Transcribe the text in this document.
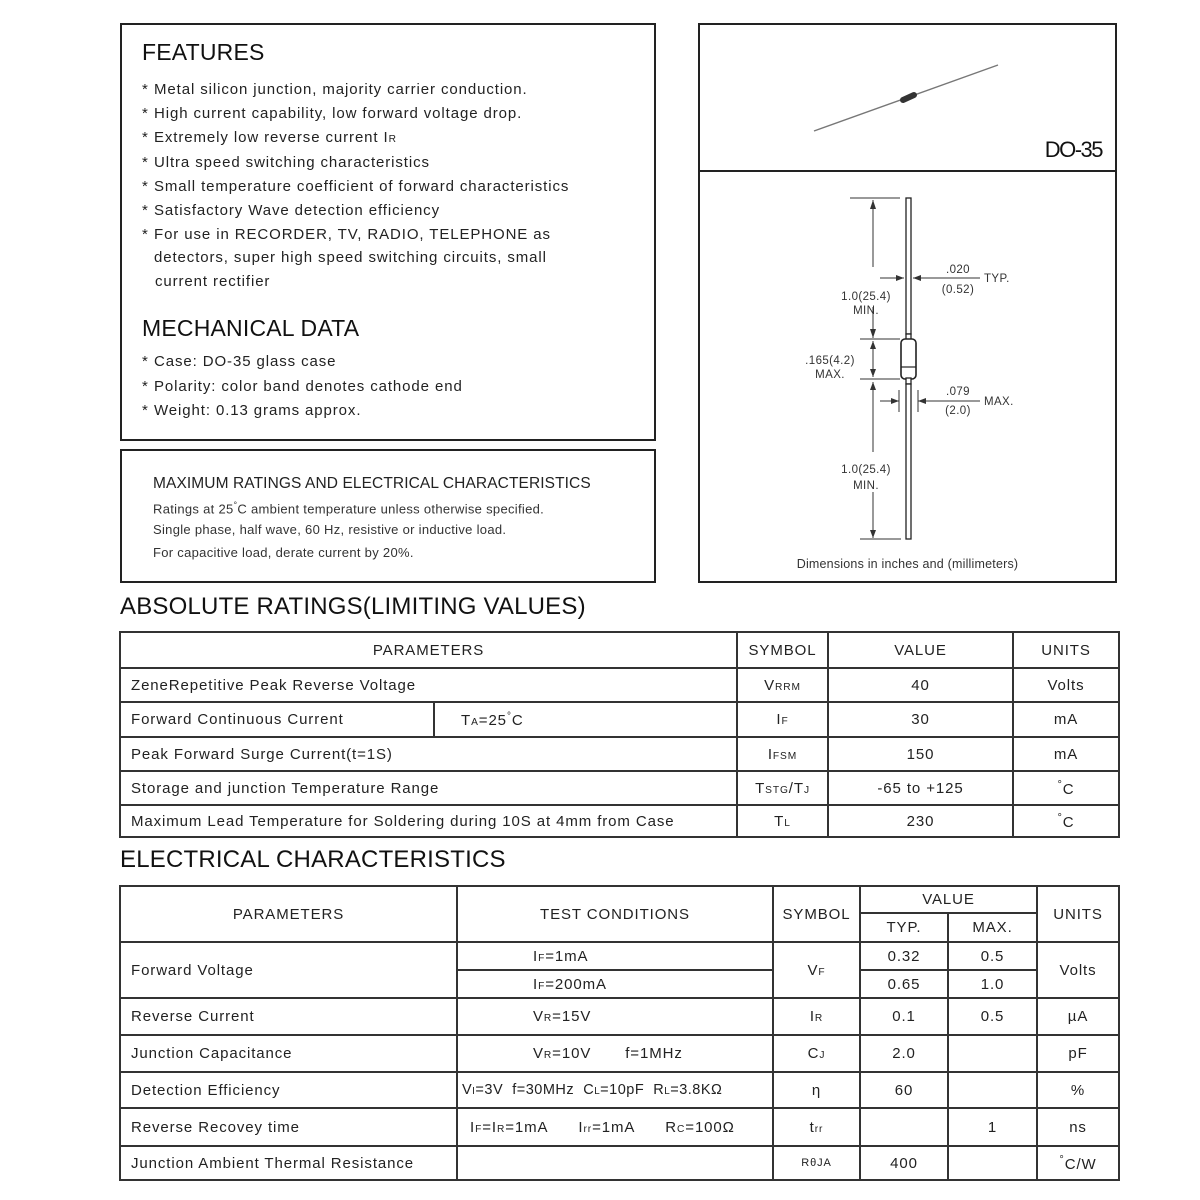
FEATURES
* Metal silicon junction, majority carrier conduction.
* High current capability, low forward voltage drop.
* Extremely low reverse current IR
* Ultra speed switching characteristics
* Small temperature coefficient of forward characteristics
* Satisfactory Wave detection efficiency
* For use in RECORDER, TV, RADIO, TELEPHONE as
detectors, super high speed switching circuits, small
current rectifier
MECHANICAL DATA
* Case: DO-35 glass case
* Polarity: color band denotes cathode end
* Weight: 0.13 grams approx.
MAXIMUM RATINGS AND ELECTRICAL CHARACTERISTICS
Ratings at 25°C ambient temperature unless otherwise specified.
Single phase, half wave, 60 Hz, resistive or inductive load.
For capacitive load, derate current by 20%.
DO-35
1.0(25.4)
MIN.
.020
(0.52)
TYP.
.165(4.2)
MAX.
.079
(2.0)
MAX.
1.0(25.4)
MIN.
Dimensions in inches and (millimeters)
ABSOLUTE RATINGS(LIMITING VALUES)
PARAMETERS		SYMBOL	VALUE	UNITS
ZeneRepetitive Peak Reverse Voltage		VRRM	40	Volts
Forward Continuous Current	TA=25°C	IF	30	mA
Peak Forward Surge Current(t=1S)		IFSM	150	mA
Storage and junction Temperature Range		TSTG/TJ	-65 to +125	°C
Maximum Lead Temperature for Soldering during 10S at 4mm from Case		TL	230	°C
ELECTRICAL CHARACTERISTICS
PARAMETERS	TEST CONDITIONS	SYMBOL	VALUE		UNITS
			TYP.	MAX.	
Forward Voltage	IF=1mA	VF	0.32	0.5	Volts
	IF=200mA		0.65	1.0	
Reverse Current	VR=15V	IR	0.1	0.5	µA
Junction Capacitance	VR=10V f=1MHz	CJ	2.0		pF
Detection Efficiency	VI=3V f=30MHz CL=10pF RL=3.8KΩ	η	60		%
Reverse Recovey time	IF=IR=1mA Irr=1mA RC=100Ω	trr		1	ns
Junction Ambient Thermal Resistance		RθJA	400		°C/W
